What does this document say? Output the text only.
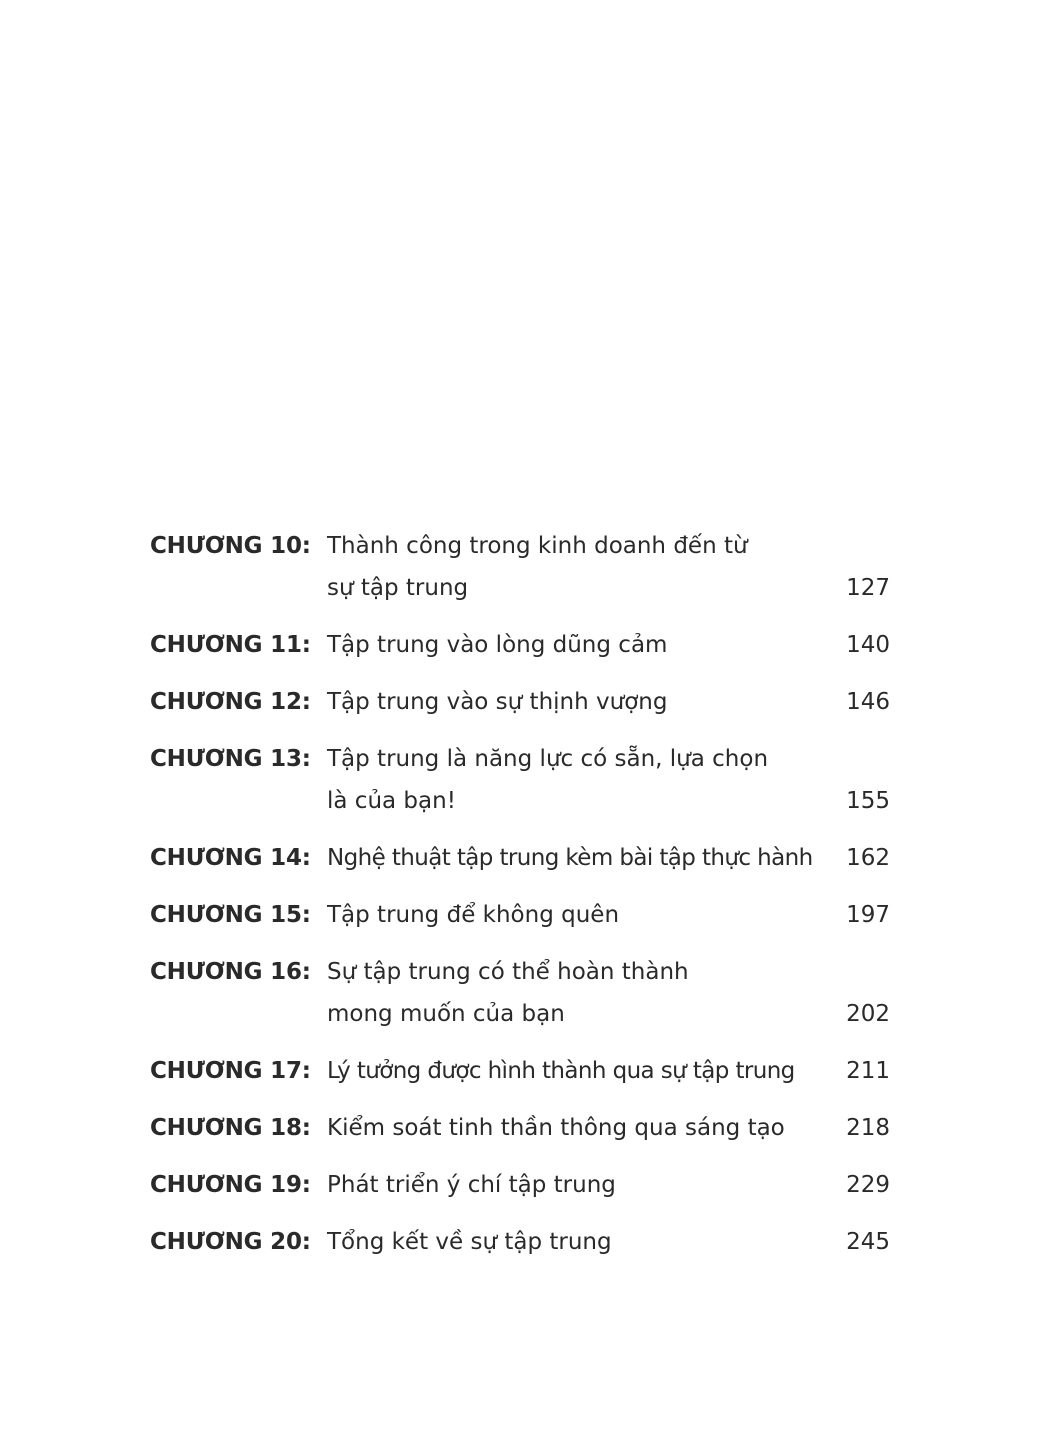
CHƯƠNG 10: Thành công trong kinh doanh đến từ
sự tập trung	127
CHƯƠNG 11: Tập trung vào lòng dũng cảm	140
CHƯƠNG 12: Tập trung vào sự thịnh vượng	146
CHƯƠNG 13: Tập trung là năng lực có sẵn, lựa chọn
là của bạn!	155
CHƯƠNG 14: Nghệ thuật tập trung kèm bài tập thực hành	162
CHƯƠNG 15: Tập trung để không quên	197
CHƯƠNG 16: Sự tập trung có thể hoàn thành
mong muốn của bạn	202
CHƯƠNG 17: Lý tưởng được hình thành qua sự tập trung	211
CHƯƠNG 18: Kiểm soát tinh thần thông qua sáng tạo	218
CHƯƠNG 19: Phát triển ý chí tập trung	229
CHƯƠNG 20: Tổng kết về sự tập trung	245
